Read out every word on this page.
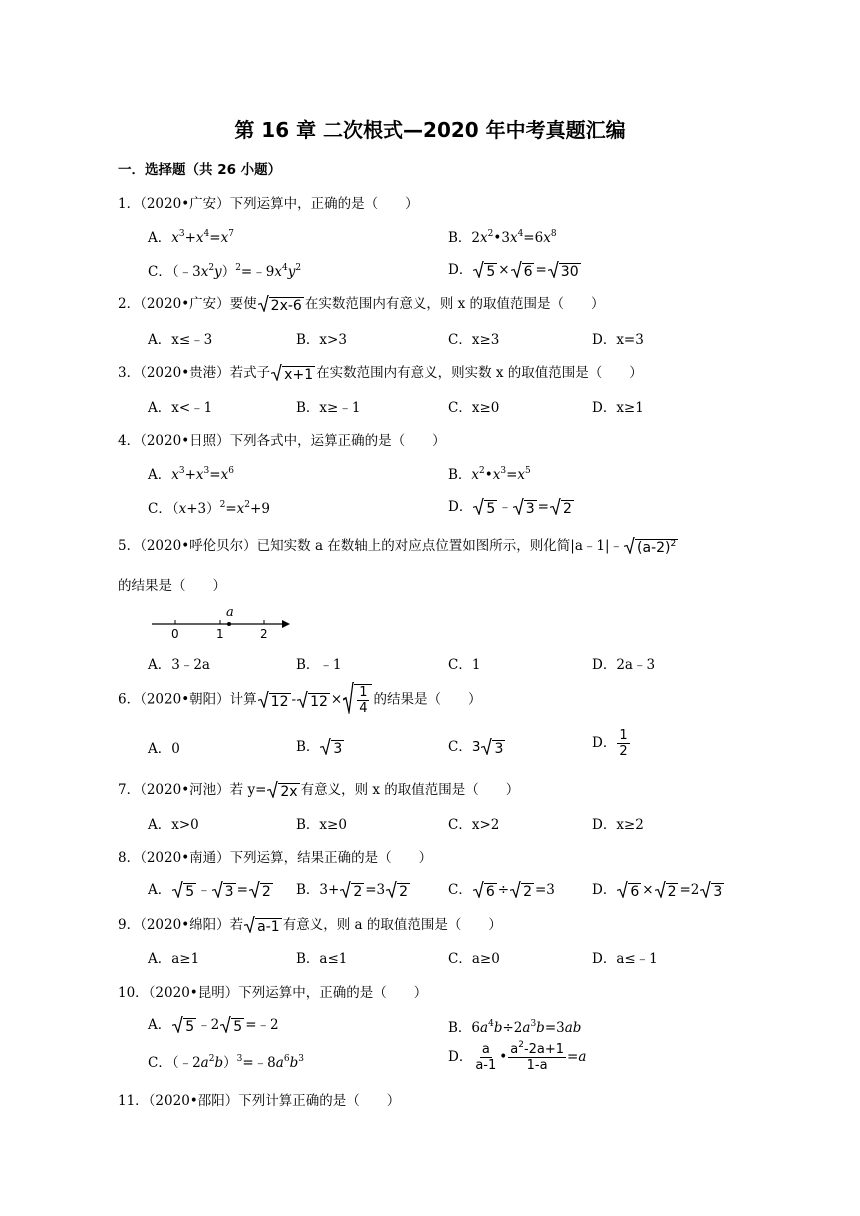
第 16 章 二次根式—2020 年中考真题汇编
一．选择题（共 26 小题）
1．（2020•广安）下列运算中，正确的是（　　）
A．$x^3+x^4=x^7$	B．$2x^2•3x^4=6x^8$
C．$(﹣3x^2y)^2=﹣9x^4y^2$	D． 5 × 6 = 30
2．（2020•广安）要使 2x-6 在实数范围内有意义，则 x 的取值范围是（　　）
A．x≤﹣3	B．x>3	C．x≥3	D．x=3
3．（2020•贵港）若式子 x+1 在实数范围内有意义，则实数 x 的取值范围是（　　）
A．x<﹣1	B．x≥﹣1	C．x≥0	D．x≥1
4．（2020•日照）下列各式中，运算正确的是（　　）
A．$x^3+x^3=x^6$	B．$x^2•x^3=x^5$
C．$(x+3)^2=x^2+9$	D． 5 ﹣ 3 = 2
5．（2020•呼伦贝尔）已知实数 a 在数轴上的对应点位置如图所示，则化简|a﹣1|﹣ $(a-2)^2$
的结果是（　　）
a
0	1	2
A．3﹣2a	B．﹣1	C．1	D．2a﹣3
6．（2020•朝阳）计算 $12 - 12 \times \frac{1}{4}$ 的结果是（　　）
A．0	B． 3	C．3 3	D． $\frac{1}{2}$
7．（2020•河池）若 y= 2x 有意义，则 x 的取值范围是（　　）
A．x>0	B．x≥0	C．x>2	D．x≥2
8．（2020•南通）下列运算，结果正确的是（　　）
A． 5 ﹣ 3 = 2 B．3+ 2 =3 2	C． 6 ÷ 2 =3	D． 6 × 2 =2 3
9．（2020•绵阳）若 a-1 有意义，则 a 的取值范围是（　　）
A．a≥1	B．a≤1	C．a≥0	D．a≤﹣1
10．（2020•昆明）下列运算中，正确的是（　　）
A． 5 ﹣2 5 =﹣2	B．$6a^4b\div 2a^3b=3ab$
C．$(﹣2a^2b)^3=﹣8a^6b^3$	D． $\frac{a}{a-1}$ • $\frac{a^2-2a+1}{1-a} =a$
11．（2020•邵阳）下列计算正确的是（　　）
